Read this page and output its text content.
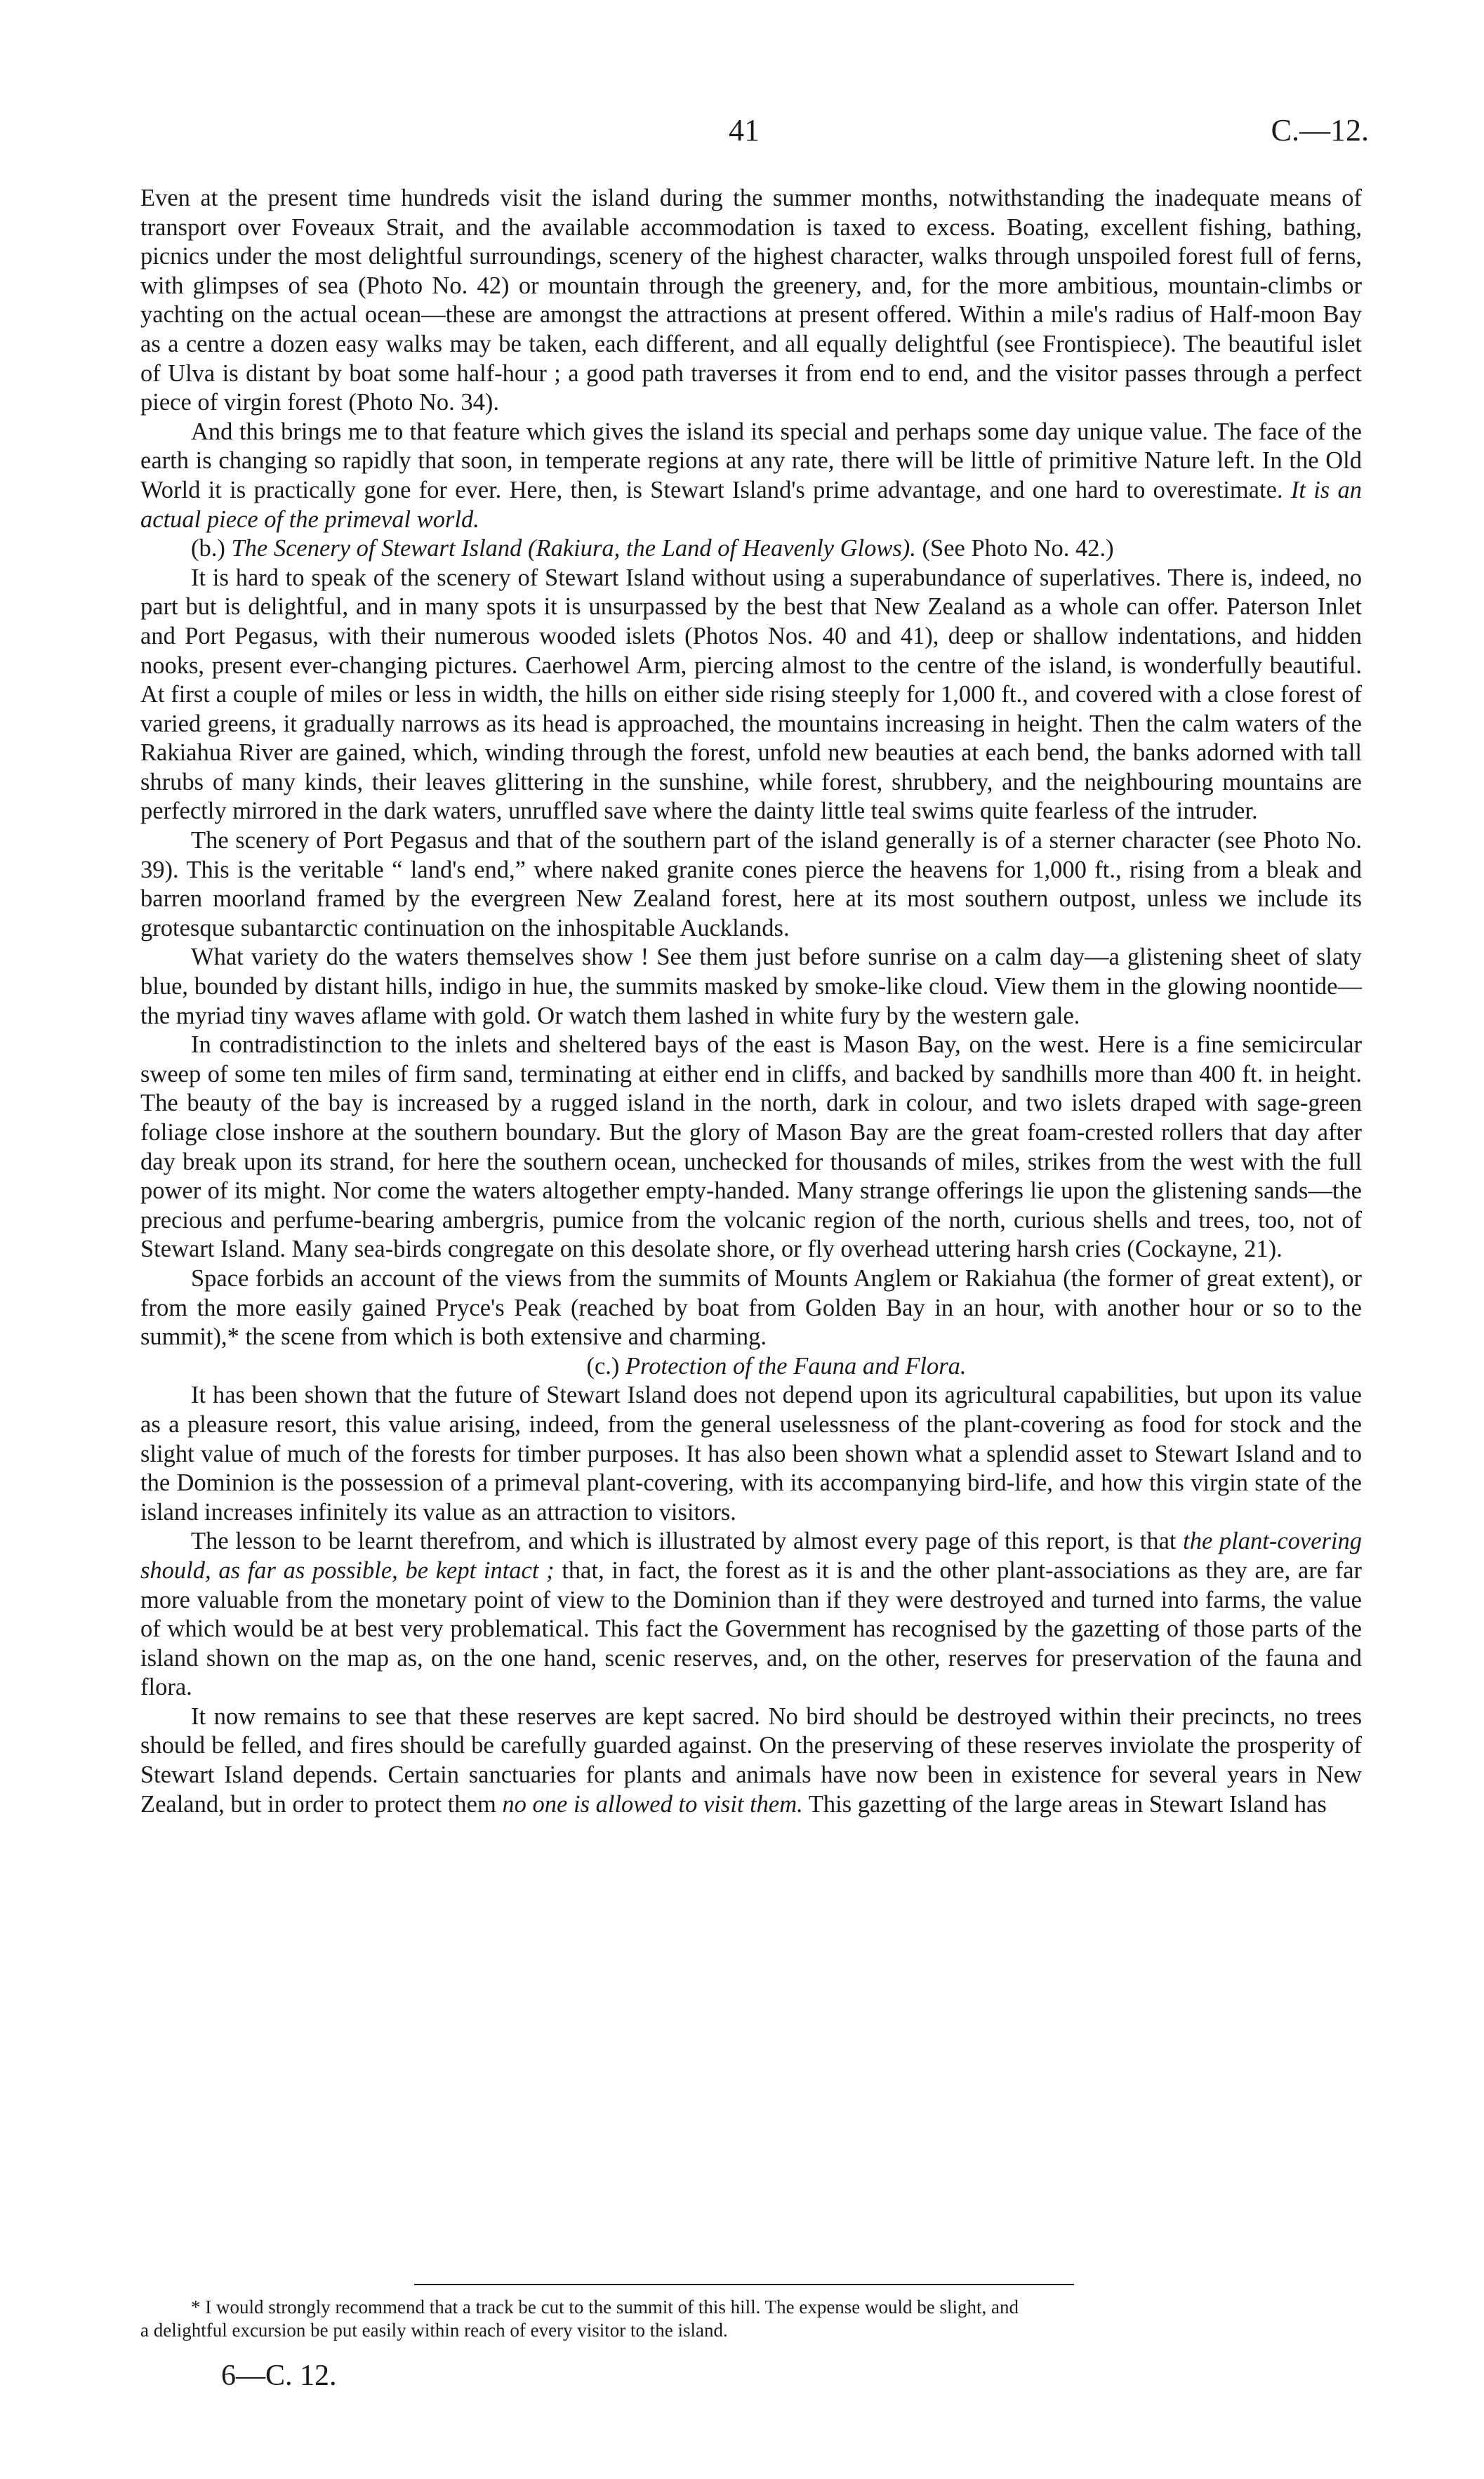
41	C.—12.

Even at the present time hundreds visit the island during the summer months, notwithstanding the inadequate means of transport over Foveaux Strait, and the available accommodation is taxed to excess. Boating, excellent fishing, bathing, picnics under the most delightful surroundings, scenery of the highest character, walks through unspoiled forest full of ferns, with glimpses of sea (Photo No. 42) or mountain through the greenery, and, for the more ambitious, mountain-climbs or yachting on the actual ocean—these are amongst the attractions at present offered. Within a mile's radius of Half-moon Bay as a centre a dozen easy walks may be taken, each different, and all equally delightful (see Frontispiece). The beautiful islet of Ulva is distant by boat some half-hour ; a good path traverses it from end to end, and the visitor passes through a perfect piece of virgin forest (Photo No. 34).

And this brings me to that feature which gives the island its special and perhaps some day unique value. The face of the earth is changing so rapidly that soon, in temperate regions at any rate, there will be little of primitive Nature left. In the Old World it is practically gone for ever. Here, then, is Stewart Island's prime advantage, and one hard to overestimate. It is an actual piece of the primeval world.

(b.) The Scenery of Stewart Island (Rakiura, the Land of Heavenly Glows). (See Photo No. 42.)

It is hard to speak of the scenery of Stewart Island without using a superabundance of superlatives. There is, indeed, no part but is delightful, and in many spots it is unsurpassed by the best that New Zealand as a whole can offer. Paterson Inlet and Port Pegasus, with their numerous wooded islets (Photos Nos. 40 and 41), deep or shallow indentations, and hidden nooks, present ever-changing pictures. Caerhowel Arm, piercing almost to the centre of the island, is wonderfully beautiful. At first a couple of miles or less in width, the hills on either side rising steeply for 1,000 ft., and covered with a close forest of varied greens, it gradually narrows as its head is approached, the mountains increasing in height. Then the calm waters of the Rakiahua River are gained, which, winding through the forest, unfold new beauties at each bend, the banks adorned with tall shrubs of many kinds, their leaves glittering in the sunshine, while forest, shrubbery, and the neighbouring mountains are perfectly mirrored in the dark waters, unruffled save where the dainty little teal swims quite fearless of the intruder.

The scenery of Port Pegasus and that of the southern part of the island generally is of a sterner character (see Photo No. 39). This is the veritable “ land's end,” where naked granite cones pierce the heavens for 1,000 ft., rising from a bleak and barren moorland framed by the evergreen New Zealand forest, here at its most southern outpost, unless we include its grotesque subantarctic continuation on the inhospitable Aucklands.

What variety do the waters themselves show ! See them just before sunrise on a calm day—a glistening sheet of slaty blue, bounded by distant hills, indigo in hue, the summits masked by smoke-like cloud. View them in the glowing noontide—the myriad tiny waves aflame with gold. Or watch them lashed in white fury by the western gale.

In contradistinction to the inlets and sheltered bays of the east is Mason Bay, on the west. Here is a fine semicircular sweep of some ten miles of firm sand, terminating at either end in cliffs, and backed by sandhills more than 400 ft. in height. The beauty of the bay is increased by a rugged island in the north, dark in colour, and two islets draped with sage-green foliage close inshore at the southern boundary. But the glory of Mason Bay are the great foam-crested rollers that day after day break upon its strand, for here the southern ocean, unchecked for thousands of miles, strikes from the west with the full power of its might. Nor come the waters altogether empty-handed. Many strange offerings lie upon the glistening sands—the precious and perfume-bearing ambergris, pumice from the volcanic region of the north, curious shells and trees, too, not of Stewart Island. Many sea-birds congregate on this desolate shore, or fly overhead uttering harsh cries (Cockayne, 21).

Space forbids an account of the views from the summits of Mounts Anglem or Rakiahua (the former of great extent), or from the more easily gained Pryce's Peak (reached by boat from Golden Bay in an hour, with another hour or so to the summit),* the scene from which is both extensive and charming.

(c.) Protection of the Fauna and Flora.

It has been shown that the future of Stewart Island does not depend upon its agricultural capabilities, but upon its value as a pleasure resort, this value arising, indeed, from the general uselessness of the plant-covering as food for stock and the slight value of much of the forests for timber purposes. It has also been shown what a splendid asset to Stewart Island and to the Dominion is the possession of a primeval plant-covering, with its accompanying bird-life, and how this virgin state of the island increases infinitely its value as an attraction to visitors.

The lesson to be learnt therefrom, and which is illustrated by almost every page of this report, is that the plant-covering should, as far as possible, be kept intact ; that, in fact, the forest as it is and the other plant-associations as they are, are far more valuable from the monetary point of view to the Dominion than if they were destroyed and turned into farms, the value of which would be at best very problematical. This fact the Government has recognised by the gazetting of those parts of the island shown on the map as, on the one hand, scenic reserves, and, on the other, reserves for preservation of the fauna and flora.

It now remains to see that these reserves are kept sacred. No bird should be destroyed within their precincts, no trees should be felled, and fires should be carefully guarded against. On the preserving of these reserves inviolate the prosperity of Stewart Island depends. Certain sanctuaries for plants and animals have now been in existence for several years in New Zealand, but in order to protect them no one is allowed to visit them. This gazetting of the large areas in Stewart Island has

* I would strongly recommend that a track be cut to the summit of this hill. The expense would be slight, and
a delightful excursion be put easily within reach of every visitor to the island.
6—C. 12.
